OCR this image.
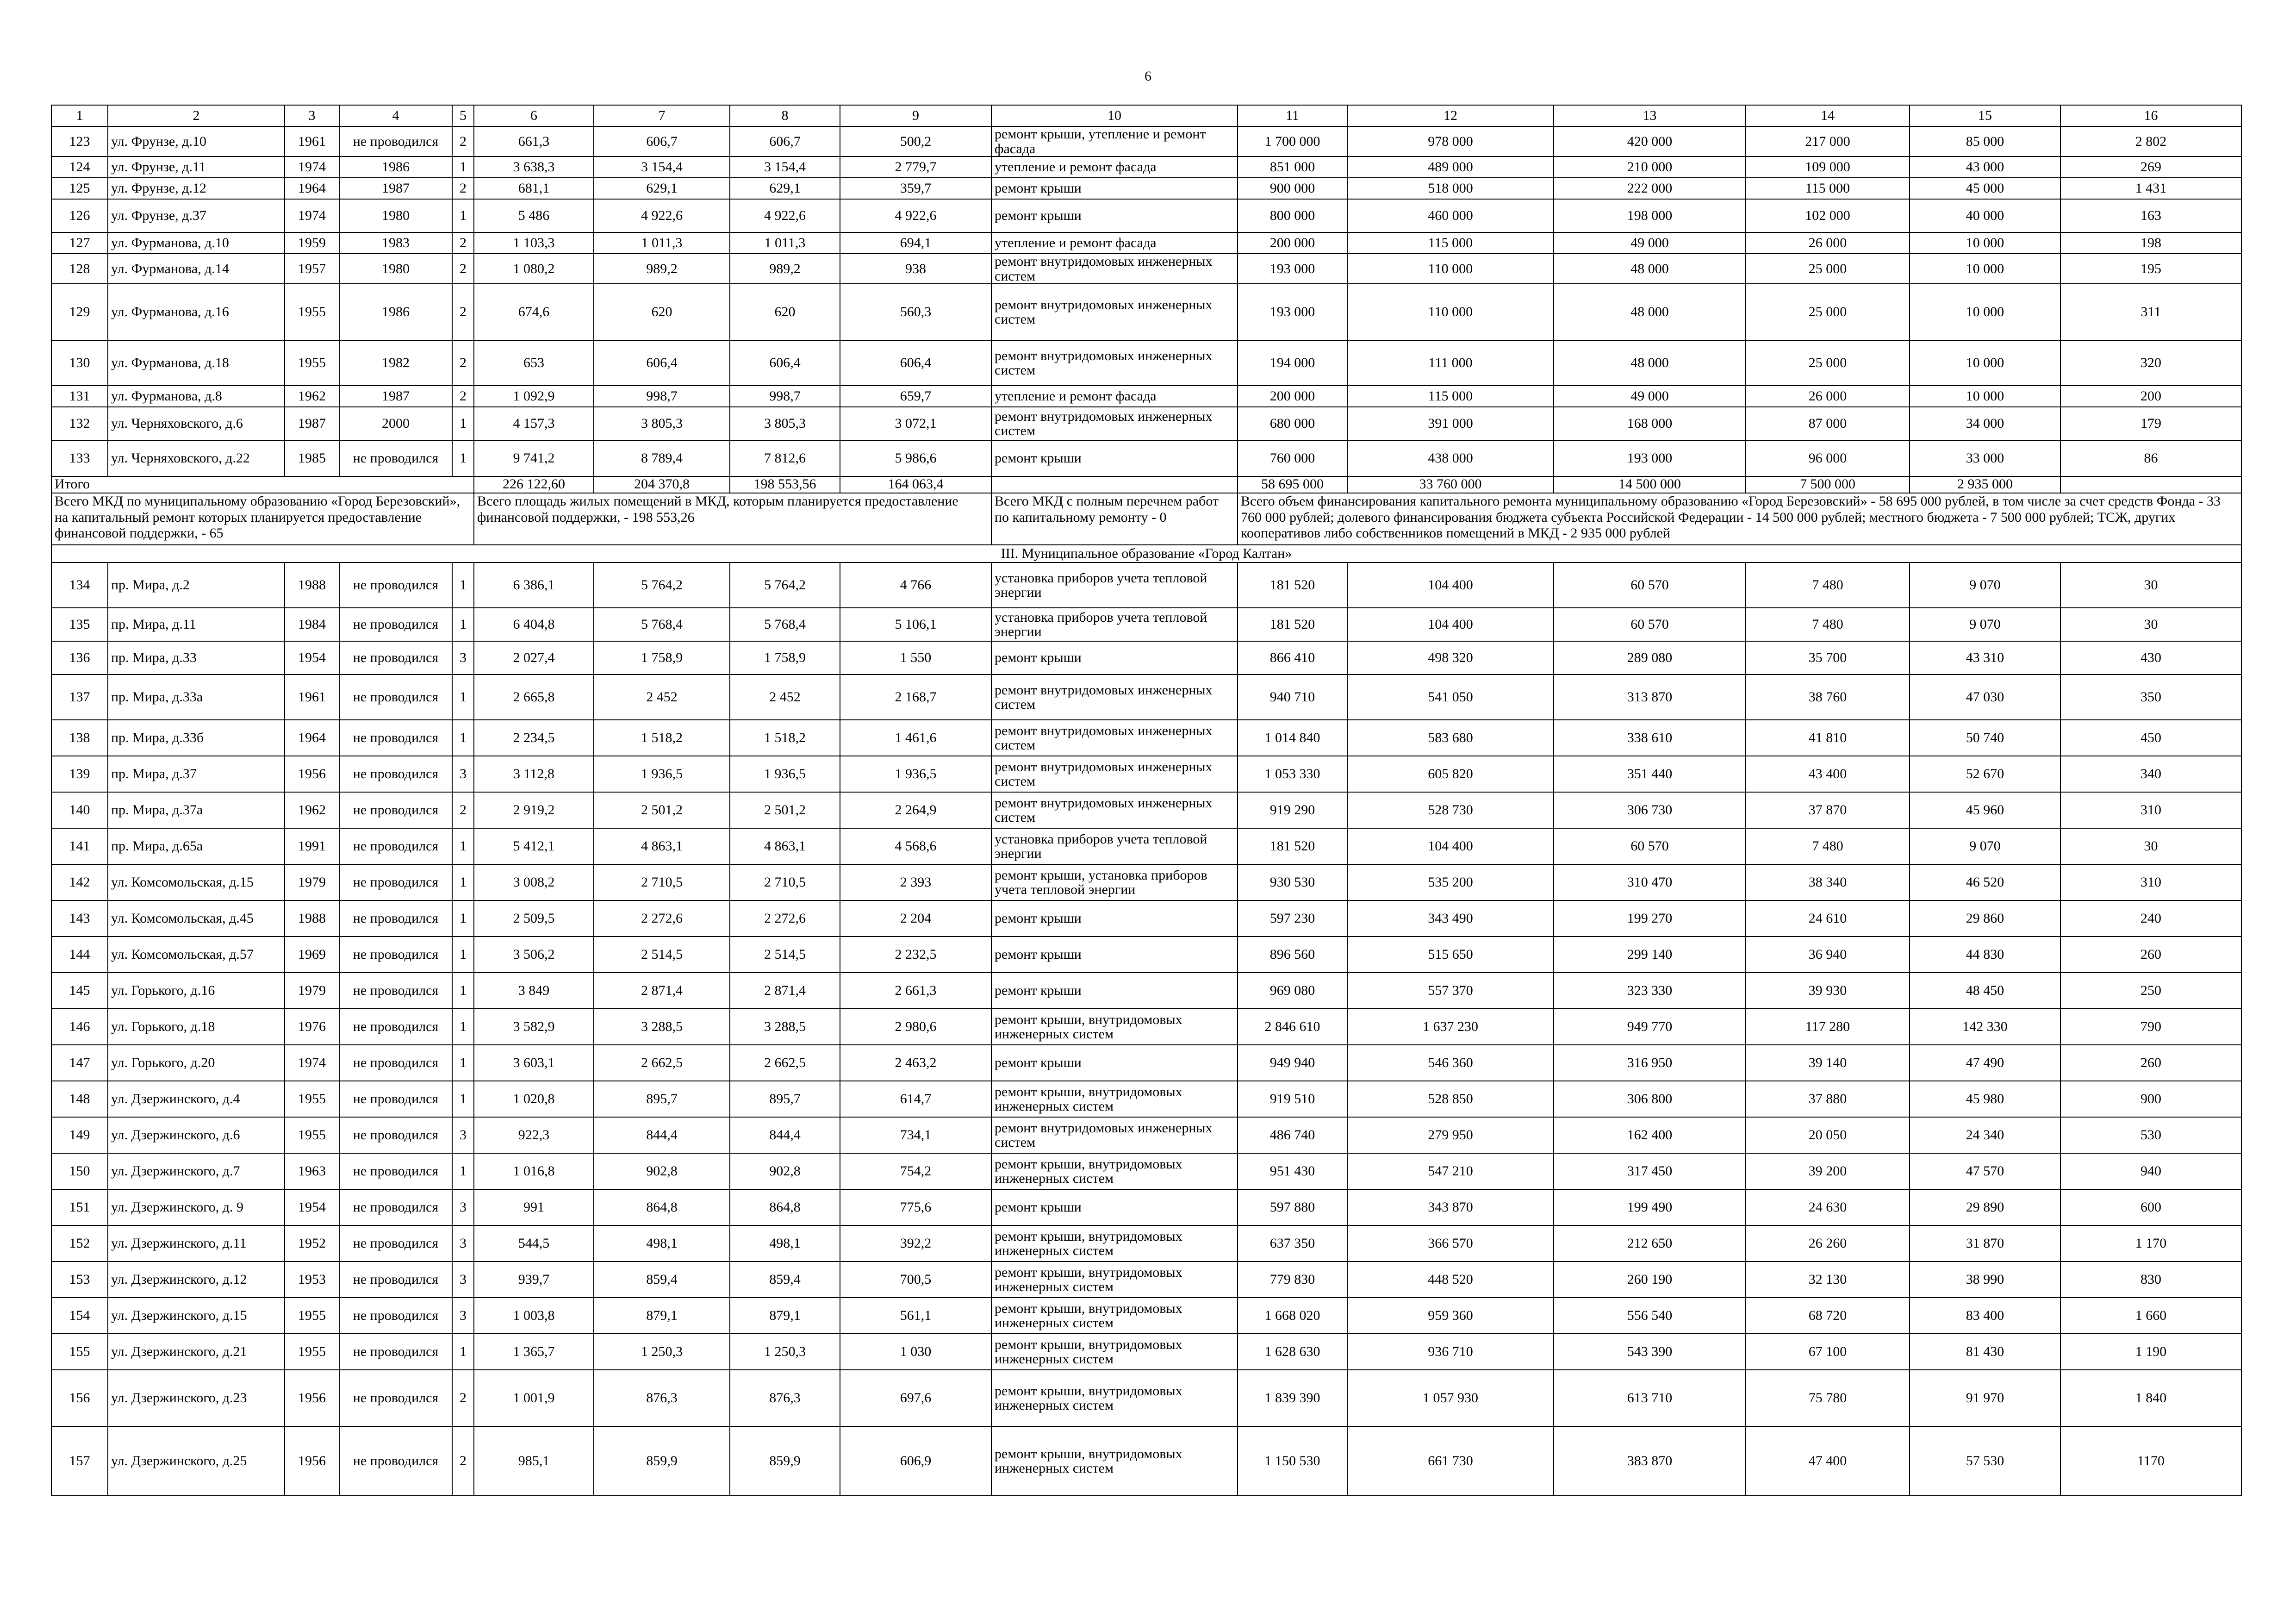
6
1	2	3	4	5	6	7	8	9	10	11	12	13	14	15	16
123	ул. Фрунзе, д.10	1961	не проводился	2	661,3	606,7	606,7	500,2	ремонт крыши, утепление и ремонт фасада	1 700 000	978 000	420 000	217 000	85 000	2 802
124	ул. Фрунзе, д.11	1974	1986	1	3 638,3	3 154,4	3 154,4	2 779,7	утепление и ремонт фасада	851 000	489 000	210 000	109 000	43 000	269
125	ул. Фрунзе, д.12	1964	1987	2	681,1	629,1	629,1	359,7	ремонт крыши	900 000	518 000	222 000	115 000	45 000	1 431
126	ул. Фрунзе, д.37	1974	1980	1	5 486	4 922,6	4 922,6	4 922,6	ремонт крыши	800 000	460 000	198 000	102 000	40 000	163
127	ул. Фурманова, д.10	1959	1983	2	1 103,3	1 011,3	1 011,3	694,1	утепление и ремонт фасада	200 000	115 000	49 000	26 000	10 000	198
128	ул. Фурманова, д.14	1957	1980	2	1 080,2	989,2	989,2	938	ремонт внутридомовых инженерных систем	193 000	110 000	48 000	25 000	10 000	195
129	ул. Фурманова, д.16	1955	1986	2	674,6	620	620	560,3	ремонт внутридомовых инженерных систем	193 000	110 000	48 000	25 000	10 000	311
130	ул. Фурманова, д.18	1955	1982	2	653	606,4	606,4	606,4	ремонт внутридомовых инженерных систем	194 000	111 000	48 000	25 000	10 000	320
131	ул. Фурманова, д.8	1962	1987	2	1 092,9	998,7	998,7	659,7	утепление и ремонт фасада	200 000	115 000	49 000	26 000	10 000	200
132	ул. Черняховского, д.6	1987	2000	1	4 157,3	3 805,3	3 805,3	3 072,1	ремонт внутридомовых инженерных систем	680 000	391 000	168 000	87 000	34 000	179
133	ул. Черняховского, д.22	1985	не проводился	1	9 741,2	8 789,4	7 812,6	5 986,6	ремонт крыши	760 000	438 000	193 000	96 000	33 000	86
Итого					226 122,60	204 370,8	198 553,56	164 063,4		58 695 000	33 760 000	14 500 000	7 500 000	2 935 000	
Всего МКД по муниципальному образованию «Город Березовский», на капитальный ремонт которых планируется предоставление финансовой поддержки, - 65					Всего площадь жилых помещений в МКД, которым планируется предоставление финансовой поддержки, - 198 553,26				Всего МКД с полным перечнем работ по капитальному ремонту - 0	Всего объем финансирования капитального ремонта муниципальному образованию «Город Березовский» - 58 695 000 рублей, в том числе за счет средств Фонда - 33 760 000 рублей; долевого финансирования бюджета субъекта Российской Федерации - 14 500 000 рублей; местного бюджета - 7 500 000 рублей; ТСЖ, других кооперативов либо собственников помещений в МКД - 2 935 000 рублей					
III. Муниципальное образование «Город Калтан»															
134	пр. Мира, д.2	1988	не проводился	1	6 386,1	5 764,2	5 764,2	4 766	установка приборов учета тепловой энергии	181 520	104 400	60 570	7 480	9 070	30
135	пр. Мира, д.11	1984	не проводился	1	6 404,8	5 768,4	5 768,4	5 106,1	установка приборов учета тепловой энергии	181 520	104 400	60 570	7 480	9 070	30
136	пр. Мира, д.33	1954	не проводился	3	2 027,4	1 758,9	1 758,9	1 550	ремонт крыши	866 410	498 320	289 080	35 700	43 310	430
137	пр. Мира, д.33а	1961	не проводился	1	2 665,8	2 452	2 452	2 168,7	ремонт внутридомовых инженерных систем	940 710	541 050	313 870	38 760	47 030	350
138	пр. Мира, д.33б	1964	не проводился	1	2 234,5	1 518,2	1 518,2	1 461,6	ремонт внутридомовых инженерных систем	1 014 840	583 680	338 610	41 810	50 740	450
139	пр. Мира, д.37	1956	не проводился	3	3 112,8	1 936,5	1 936,5	1 936,5	ремонт внутридомовых инженерных систем	1 053 330	605 820	351 440	43 400	52 670	340
140	пр. Мира, д.37а	1962	не проводился	2	2 919,2	2 501,2	2 501,2	2 264,9	ремонт внутридомовых инженерных систем	919 290	528 730	306 730	37 870	45 960	310
141	пр. Мира, д.65а	1991	не проводился	1	5 412,1	4 863,1	4 863,1	4 568,6	установка приборов учета тепловой энергии	181 520	104 400	60 570	7 480	9 070	30
142	ул. Комсомольская, д.15	1979	не проводился	1	3 008,2	2 710,5	2 710,5	2 393	ремонт крыши, установка приборов учета тепловой энергии	930 530	535 200	310 470	38 340	46 520	310
143	ул. Комсомольская, д.45	1988	не проводился	1	2 509,5	2 272,6	2 272,6	2 204	ремонт крыши	597 230	343 490	199 270	24 610	29 860	240
144	ул. Комсомольская, д.57	1969	не проводился	1	3 506,2	2 514,5	2 514,5	2 232,5	ремонт крыши	896 560	515 650	299 140	36 940	44 830	260
145	ул. Горького, д.16	1979	не проводился	1	3 849	2 871,4	2 871,4	2 661,3	ремонт крыши	969 080	557 370	323 330	39 930	48 450	250
146	ул. Горького, д.18	1976	не проводился	1	3 582,9	3 288,5	3 288,5	2 980,6	ремонт крыши, внутридомовых инженерных систем	2 846 610	1 637 230	949 770	117 280	142 330	790
147	ул. Горького, д.20	1974	не проводился	1	3 603,1	2 662,5	2 662,5	2 463,2	ремонт крыши	949 940	546 360	316 950	39 140	47 490	260
148	ул. Дзержинского, д.4	1955	не проводился	1	1 020,8	895,7	895,7	614,7	ремонт крыши, внутридомовых инженерных систем	919 510	528 850	306 800	37 880	45 980	900
149	ул. Дзержинского, д.6	1955	не проводился	3	922,3	844,4	844,4	734,1	ремонт внутридомовых инженерных систем	486 740	279 950	162 400	20 050	24 340	530
150	ул. Дзержинского, д.7	1963	не проводился	1	1 016,8	902,8	902,8	754,2	ремонт крыши, внутридомовых инженерных систем	951 430	547 210	317 450	39 200	47 570	940
151	ул. Дзержинского, д. 9	1954	не проводился	3	991	864,8	864,8	775,6	ремонт крыши	597 880	343 870	199 490	24 630	29 890	600
152	ул. Дзержинского, д.11	1952	не проводился	3	544,5	498,1	498,1	392,2	ремонт крыши, внутридомовых инженерных систем	637 350	366 570	212 650	26 260	31 870	1 170
153	ул. Дзержинского, д.12	1953	не проводился	3	939,7	859,4	859,4	700,5	ремонт крыши, внутридомовых инженерных систем	779 830	448 520	260 190	32 130	38 990	830
154	ул. Дзержинского, д.15	1955	не проводился	3	1 003,8	879,1	879,1	561,1	ремонт крыши, внутридомовых инженерных систем	1 668 020	959 360	556 540	68 720	83 400	1 660
155	ул. Дзержинского, д.21	1955	не проводился	1	1 365,7	1 250,3	1 250,3	1 030	ремонт крыши, внутридомовых инженерных систем	1 628 630	936 710	543 390	67 100	81 430	1 190
156	ул. Дзержинского, д.23	1956	не проводился	2	1 001,9	876,3	876,3	697,6	ремонт крыши, внутридомовых инженерных систем	1 839 390	1 057 930	613 710	75 780	91 970	1 840
157	ул. Дзержинского, д.25	1956	не проводился	2	985,1	859,9	859,9	606,9	ремонт крыши, внутридомовых инженерных систем	1 150 530	661 730	383 870	47 400	57 530	1170
